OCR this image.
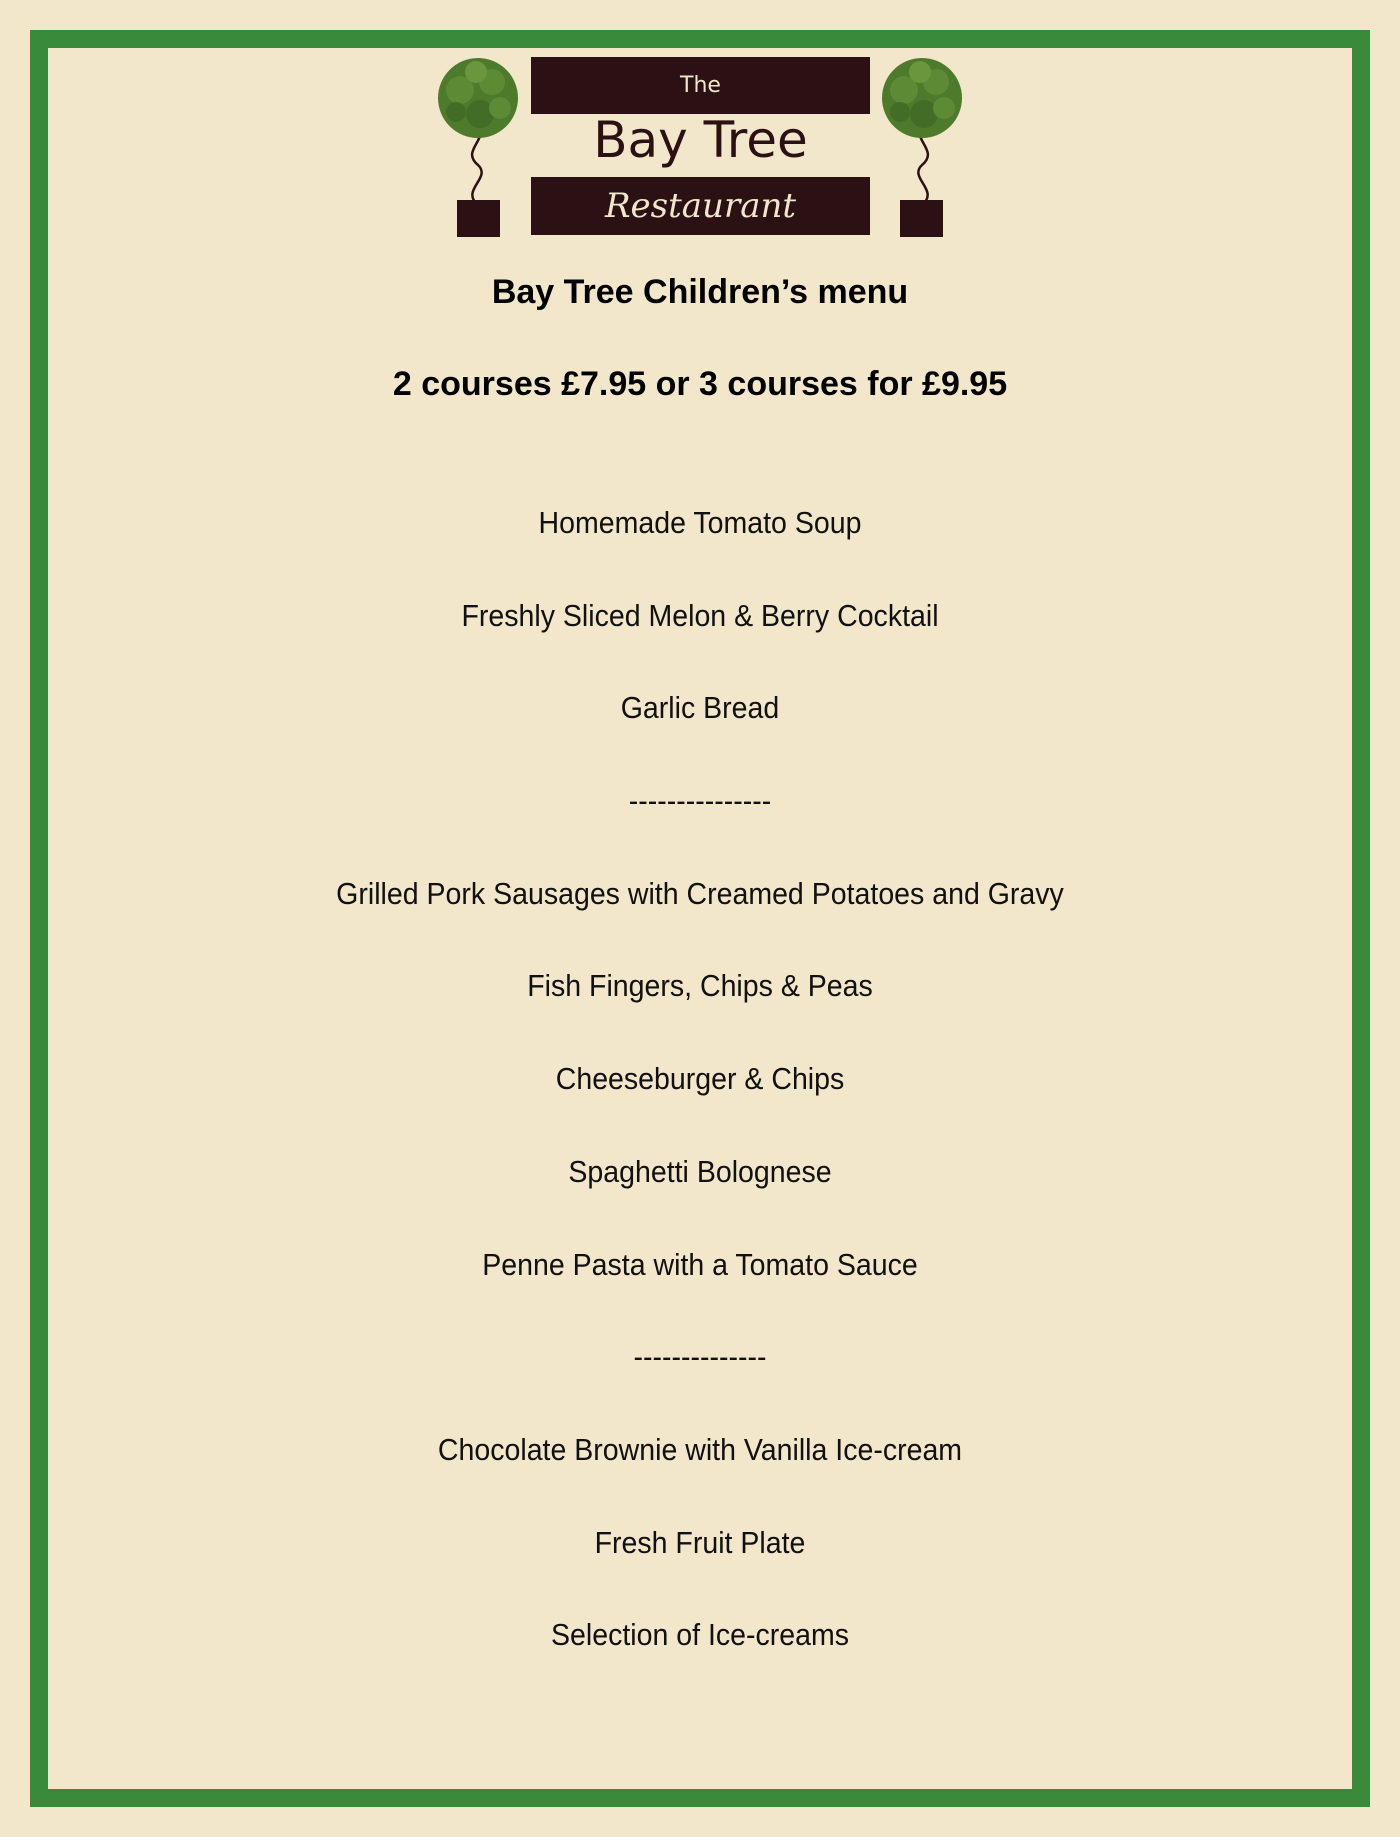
The
Bay Tree
Restaurant
Bay Tree Children’s menu
2 courses £7.95 or 3 courses for £9.95
Homemade Tomato Soup
Freshly Sliced Melon & Berry Cocktail
Garlic Bread
---------------
Grilled Pork Sausages with Creamed Potatoes and Gravy
Fish Fingers, Chips & Peas
Cheeseburger & Chips
Spaghetti Bolognese
Penne Pasta with a Tomato Sauce
--------------
Chocolate Brownie with Vanilla Ice-cream
Fresh Fruit Plate
Selection of Ice-creams
